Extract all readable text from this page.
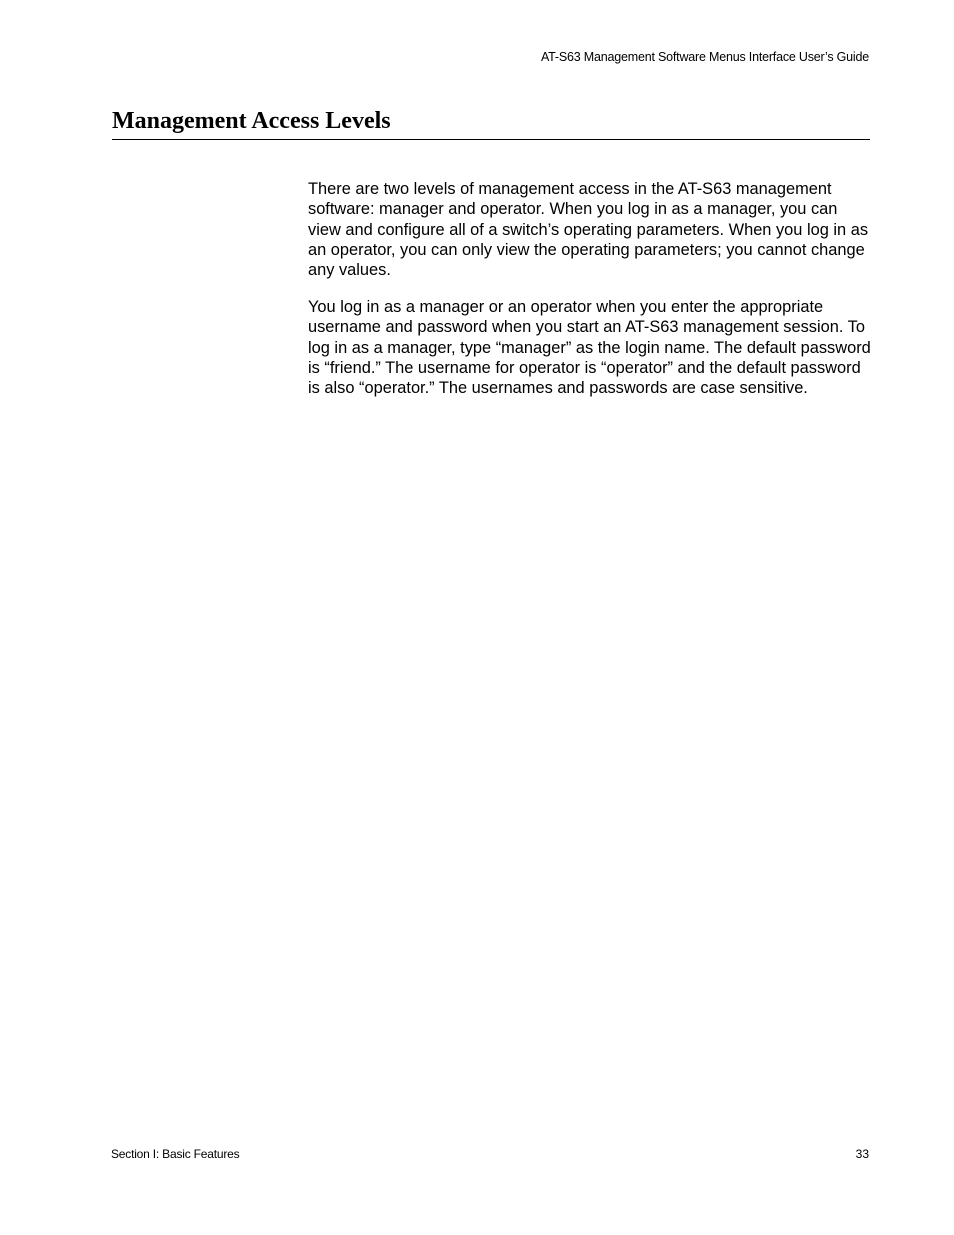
AT-S63 Management Software Menus Interface User’s Guide
Management Access Levels

There are two levels of management access in the AT-S63 management software: manager and operator. When you log in as a manager, you can view and configure all of a switch’s operating parameters. When you log in as an operator, you can only view the operating parameters; you cannot change any values.

You log in as a manager or an operator when you enter the appropriate username and password when you start an AT-S63 management session. To log in as a manager, type “manager” as the login name. The default password is “friend.” The username for operator is “operator” and the default password is also “operator.” The usernames and passwords are case sensitive.

Section I: Basic Features	33
